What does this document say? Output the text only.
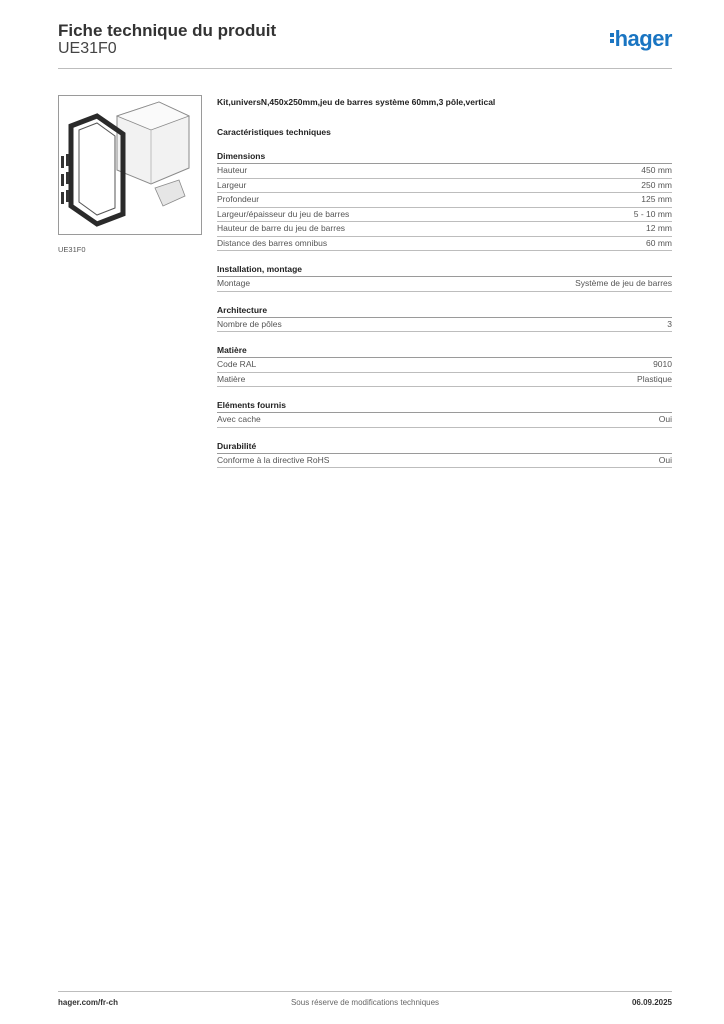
Fiche technique du produit
UE31F0	hager
UE31F0
Kit,universN,450x250mm,jeu de barres système 60mm,3 pôle,vertical
Caractéristiques techniques
Dimensions
Hauteur	450 mm
Largeur	250 mm
Profondeur	125 mm
Largeur/épaisseur du jeu de barres	5 - 10 mm
Hauteur de barre du jeu de barres	12 mm
Distance des barres omnibus	60 mm
Installation, montage
Montage	Système de jeu de barres
Architecture
Nombre de pôles	3
Matière
Code RAL	9010
Matière	Plastique
Eléments fournis
Avec cache	Oui
Durabilité
Conforme à la directive RoHS	Oui
hager.com/fr-ch	Sous réserve de modifications techniques	06.09.2025
